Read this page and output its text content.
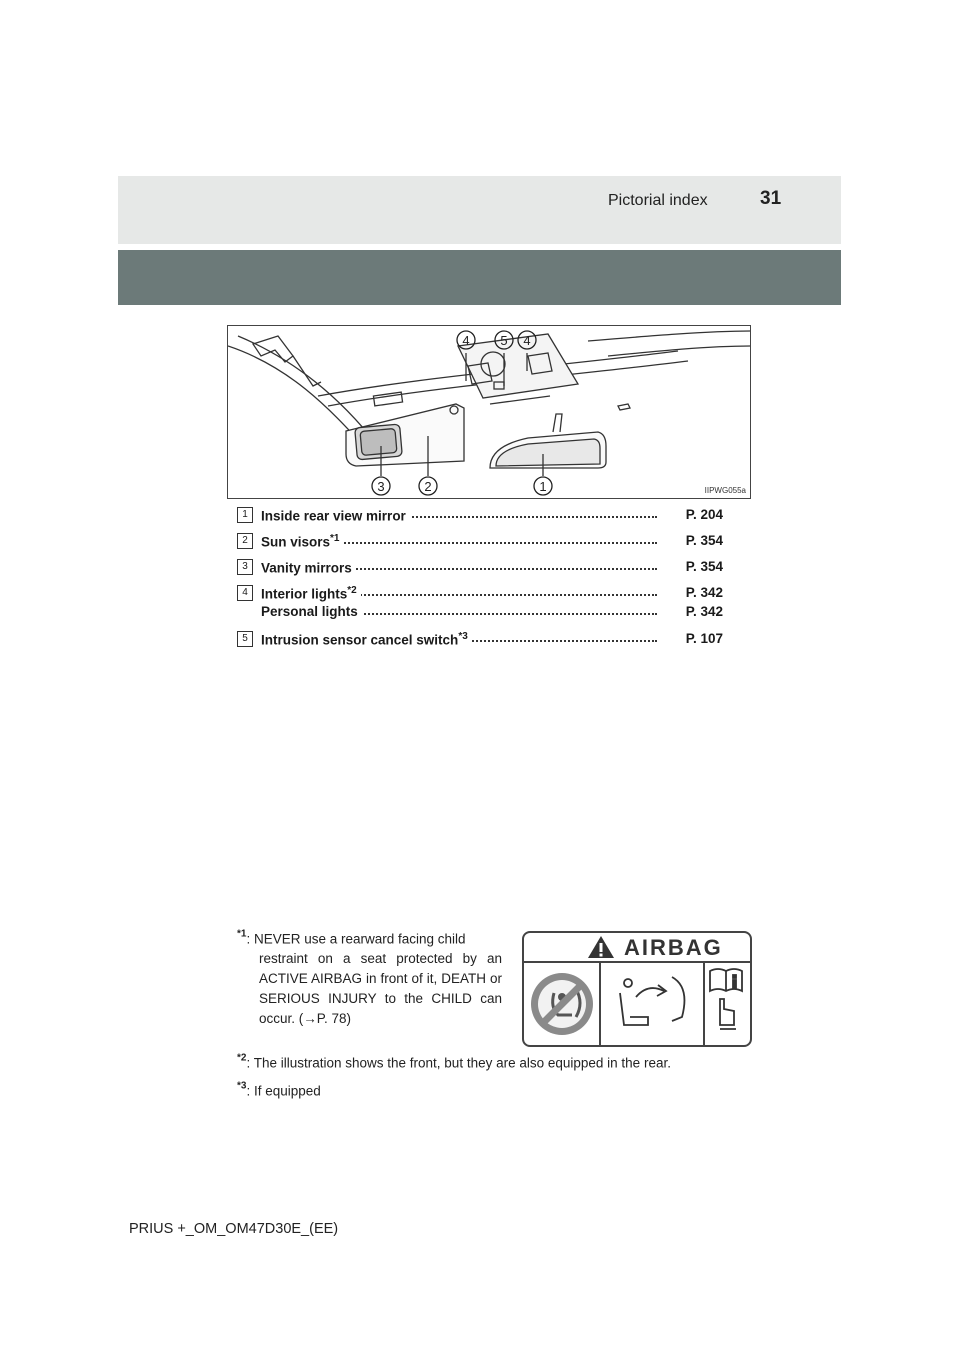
Pictorial index	31
4 5 4
3	2	1	IIPWG055a
1 Inside rear view mirror	P. 204
2 Sun visors$^{*1}$	P. 354
3 Vanity mirrors	P. 354
4 Interior lights$^{*2}$	P. 342
Personal lights	P. 342
5 Intrusion sensor cancel switch$^{*3}$	P. 107
$^{*1}$: NEVER use a rearward facing child
restraint on a seat protected by an ACTIVE AIRBAG in front of it, DEATH or SERIOUS INJURY to the CHILD can occur. (→P. 78)
$^{*2}$: The illustration shows the front, but they are also equipped in the rear.
$^{*3}$: If equipped
AIRBAG
PRIUS +_OM_OM47D30E_(EE)
